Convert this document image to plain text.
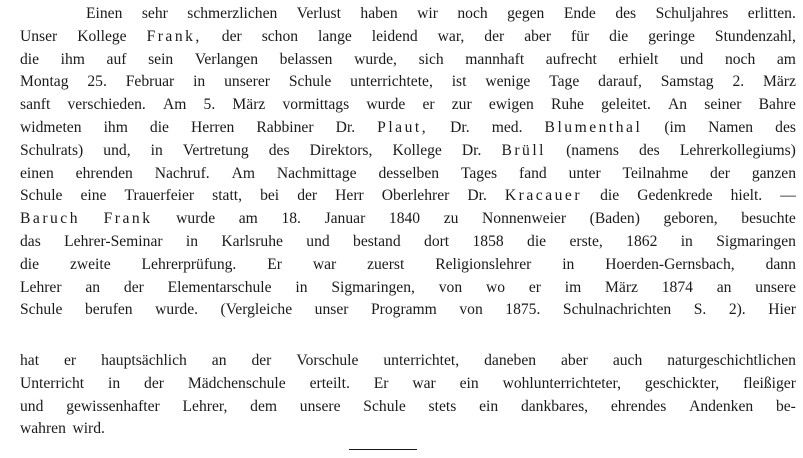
Einen sehr schmerzlichen Verlust haben wir noch gegen Ende des Schuljahres erlitten.
Unser Kollege Frank, der schon lange leidend war, der aber für die geringe Stundenzahl,
die ihm auf sein Verlangen belassen wurde, sich mannhaft aufrecht erhielt und noch am
Montag 25. Februar in unserer Schule unterrichtete, ist wenige Tage darauf, Samstag 2. März
sanft verschieden. Am 5. März vormittags wurde er zur ewigen Ruhe geleitet. An seiner Bahre
widmeten ihm die Herren Rabbiner Dr. Plaut, Dr. med. Blumenthal (im Namen des
Schulrats) und, in Vertretung des Direktors, Kollege Dr. Brüll (namens des Lehrerkollegiums)
einen ehrenden Nachruf. Am Nachmittage desselben Tages fand unter Teilnahme der ganzen
Schule eine Trauerfeier statt, bei der Herr Oberlehrer Dr. Kracauer die Gedenkrede hielt. —
Baruch Frank wurde am 18. Januar 1840 zu Nonnenweier (Baden) geboren, besuchte
das Lehrer-Seminar in Karlsruhe und bestand dort 1858 die erste, 1862 in Sigmaringen
die zweite Lehrerprüfung. Er war zuerst Religionslehrer in Hoerden-Gernsbach, dann
Lehrer an der Elementarschule in Sigmaringen, von wo er im März 1874 an unsere
Schule berufen wurde. (Vergleiche unser Programm von 1875. Schulnachrichten S. 2). Hier
hat er hauptsächlich an der Vorschule unterrichtet, daneben aber auch naturgeschichtlichen
Unterricht in der Mädchenschule erteilt. Er war ein wohlunterrichteter, geschickter, fleißiger
und gewissenhafter Lehrer, dem unsere Schule stets ein dankbares, ehrendes Andenken be-
wahren wird.
